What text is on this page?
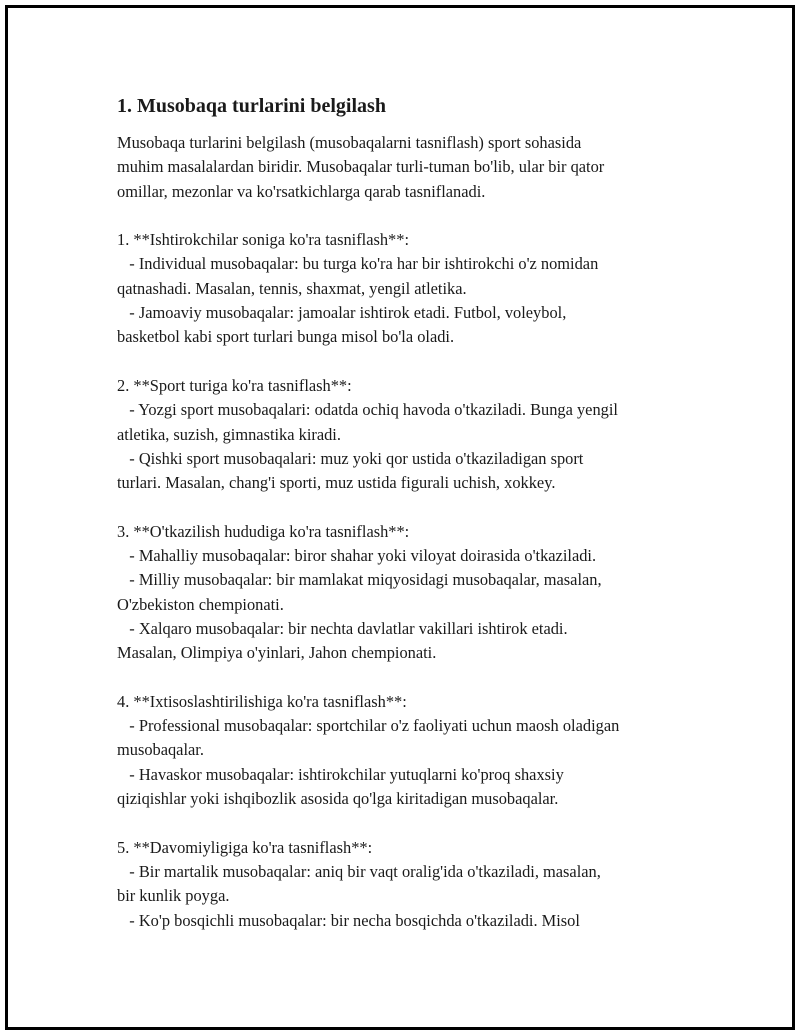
1. Musobaqa turlarini belgilash

Musobaqa turlarini belgilash (musobaqalarni tasniflash) sport sohasida

muhim masalalardan biridir. Musobaqalar turli-tuman bo'lib, ular bir qator

omillar, mezonlar va ko'rsatkichlarga qarab tasniflanadi.

1. **Ishtirokchilar soniga ko'ra tasniflash**:

- Individual musobaqalar: bu turga ko'ra har bir ishtirokchi o'z nomidan

qatnashadi. Masalan, tennis, shaxmat, yengil atletika.

- Jamoaviy musobaqalar: jamoalar ishtirok etadi. Futbol, voleybol,

basketbol kabi sport turlari bunga misol bo'la oladi.

2. **Sport turiga ko'ra tasniflash**:

- Yozgi sport musobaqalari: odatda ochiq havoda o'tkaziladi. Bunga yengil

atletika, suzish, gimnastika kiradi.

- Qishki sport musobaqalari: muz yoki qor ustida o'tkaziladigan sport

turlari. Masalan, chang'i sporti, muz ustida figurali uchish, xokkey.

3. **O'tkazilish hududiga ko'ra tasniflash**:

- Mahalliy musobaqalar: biror shahar yoki viloyat doirasida o'tkaziladi.

- Milliy musobaqalar: bir mamlakat miqyosidagi musobaqalar, masalan,

O'zbekiston chempionati.

- Xalqaro musobaqalar: bir nechta davlatlar vakillari ishtirok etadi.

Masalan, Olimpiya o'yinlari, Jahon chempionati.

4. **Ixtisoslashtirilishiga ko'ra tasniflash**:

- Professional musobaqalar: sportchilar o'z faoliyati uchun maosh oladigan

musobaqalar.

- Havaskor musobaqalar: ishtirokchilar yutuqlarni ko'proq shaxsiy

qiziqishlar yoki ishqibozlik asosida qo'lga kiritadigan musobaqalar.

5. **Davomiyligiga ko'ra tasniflash**:

- Bir martalik musobaqalar: aniq bir vaqt oralig'ida o'tkaziladi, masalan,

bir kunlik poyga.

- Ko'p bosqichli musobaqalar: bir necha bosqichda o'tkaziladi. Misol
